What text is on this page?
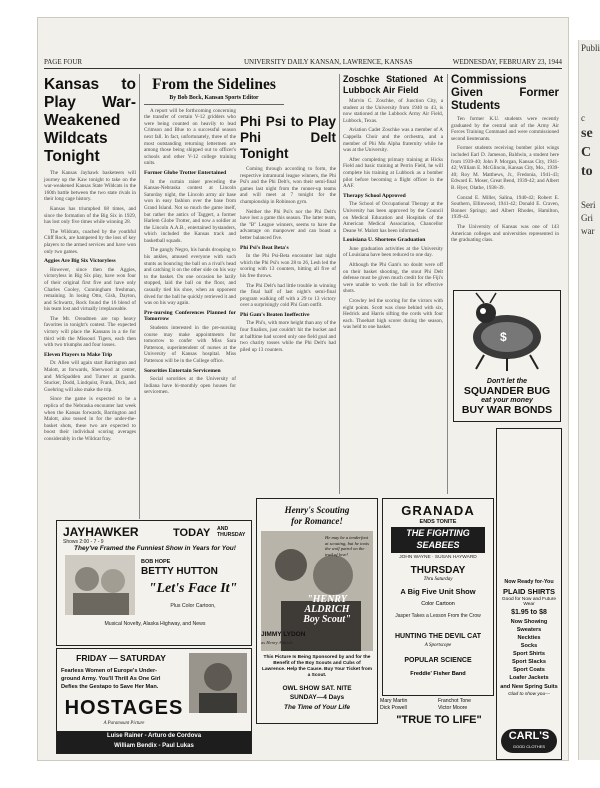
PAGE FOUR	UNIVERSITY DAILY KANSAN, LAWRENCE, KANSAS	WEDNESDAY, FEBRUARY 23, 1944
Kansas to Play War-Weakened Wildcats Tonight

The Kansas Jayhawk basketeers will journey up the Kaw tonight to take on the war-weakened Kansas State Wildcats in the 160th battle between the two state rivals in their long cage history.

Kansas has triumphed 68 times, and since the formation of the Big Six in 1929, has lost only five times while winning 28.

The Wildcats, coached by the youthful Cliff Rock, are hampered by the loss of key players to the armed services and have won only two games.

Aggies Are Big Six Victoryless

However, since then the Aggies, victoryless in Big Six play, have won four of their original first five and have only Charles Cooley, Cunningham freshman, remaining. In losing Otto, Gish, Dayton, and Schwartz, Rock found the 16 blend of his team lost and virtually irreplaceable.

The Mt. Oreadmen are top heavy favorites in tonight's contest. The expected victory will place the Kansans in a tie for third with the Missouri Tigers, each then with two triumphs and four losses.

Eleven Players to Make Trip

Dr. Allen will again start Barrington and Malott, at forwards, Sherwood at center, and McSpadden and Turner at guards. Stucker, Dodd, Lindquist, Frank, Dick, and Goehring will also make the trip.

Since the game is expected to be a replica of the Nebraska encounter last week when the Kansas forwards, Barrington and Malott, also tossed in for the under-the-basket shots, these two are expected to boost their individual scoring averages considerably in the Wildcat fray.

From the Sidelines
By Bob Bock, Kansan Sports Editor

A report will be forthcoming concerning the transfer of certain V-12 gridders who were being counted on heavily to lead Crimson and Blue to a successful season next fall. In fact, unfortunately, three of the most outstanding returning lettermen are among those being shipped out to officer's schools and other V-12 college training units.

Former Globe Trotter Entertained

In the curtain raiser preceding the Kansas-Nebraska contest at Lincoln Saturday night, the Lincoln army air base won in easy fashion over the base from Grand Island. Not so much the game itself, but rather the antics of Taggert, a former Harlem Globe Trotter, and now a soldier at the Lincoln A.A.B., entertained bystanders, which included the Kansas track and basketball squads.

The gangly Negro, his hands drooping to his ankles, amused everyone with such stunts as bouncing the ball on a rival's head and catching it on the other side on his way to the basket. On one occasion he lazily stopped, laid the ball on the floor, and casually tied his shoe, when an opponent dived for the ball he quickly retrieved it and was on his way again.

Pre-nursing Conferences Planned for Tomorrow

Students interested in the pre-nursing course may make appointments for tomorrow to confer with Miss Sara Patterson, superintendent of nurses at the University of Kansas hospital. Miss Patterson will be in the College office.

Sororities Entertain Servicemen

Social sororities at the University of Indiana have bi-monthly open houses for servicemen.

Phi Psi to Play Phi Delt Tonight

Coming through according to form, the respective intramural league winners, the Phi Psi's and the Phi Delt's, won their semi-final games last night from the runner-up teams and will meet at 7 tonight for the championship in Robinson gym.

Neither the Phi Psi's nor the Phi Delt's have lost a game this season. The latter team, the "B" League winners, seems to have the advantage on manpower and can boast a better balanced five.

Phi Psi's Beat Beta's

In the Phi Psi-Beta encounter last night which the Phi Psi's won 28 to 26, Lesh led the scoring with 13 counters, hitting all five of his free throws.

The Phi Delt's had little trouble in winning the final half of last night's semi-final program walking off with a 29 to 13 victory over a surprisingly cold Phi Gam outfit.

Phi Gam's Beaten Ineffective

The Phi's, with more height than any of the four finalists, just couldn't hit the bucket and at halftime had scored only one field goal and two charity tosses while the Phi Delt's had piled up 13 counters.

Zoschke Stationed At Lubbock Air Field

Marvin C. Zoschke, of Junction City, a student at the University from 1940 to 43, is now stationed at the Lubbock Army Air Field, Lubbock, Texas.

Aviation Cadet Zoschke was a member of A Cappella Choir and the orchestra, and a member of Phi Mu Alpha fraternity while he was at the University.

After completing primary training at Hicks Field and basic training at Perrin Field, he will complete his training at Lubbock as a bomber pilot before becoming a flight officer in the AAF.

Therapy School Approved

The School of Occupational Therapy at the University has been approved by the Council on Medical Education and Hospitals of the American Medical Association, Chancellor Deane W. Malott has been informed.

Louisiana U. Shortens Graduation

June graduation activities at the University of Louisiana have been reduced to one day.

Although the Phi Gam's no doubt were off on their basket shooting, the stout Phi Delt defense must be given much credit for the Fiji's were unable to work the ball in for effective shots.

Crowley led the scoring for the victors with eight points. Scott was close behind with six, Hedrick and Harris sifting the cords with four each. Thoebart high scorer during the season, was held to one basket.

Commissions Given Former Students

Ten former K.U. students were recently graduated by the central unit of the Army Air Forces Training Command and were commissioned second lieutenants.

Former students receiving bomber pilot wings included Earl D. Jameson, Baldwin, a student here from 1939-40; John P. Morgan, Kansas City, 1941-42; William E. McGlincin, Kansas City, Mo., 1939-40; Roy M. Matthews, Jr., Fredonia, 1941-43; Edward E. Moser, Great Bend, 1939-42; and Albert B. Hyer, Olathe, 1938-39.

Conrad E. Miller, Salina, 1940-42; Robert E. Southern, Ellinwood, 1941-42; Donald E. Craven, Bonner Springs; and Albert Rhodes, Hamilton, 1939-42.

The University of Kansas was one of 143 American colleges and universities represented in the graduating class.

$
Don't let the
SQUANDER BUG
eat your money
BUY WAR BONDS
JAYHAWKER
Shows 2:00 - 7 - 9
TODAY AND THURSDAY
They've Framed the Funniest Show in Years for You!
BOB HOPE
BETTY HUTTON
"Let's Face It"
Plus Color Cartoon,
Musical Novelty, Alaska Highway, and News
FRIDAY — SATURDAY
Fearless Women of Europe's Under-
ground Army. You'll Thrill As One Girl
Defies the Gestapo to Save Her Man.
HOSTAGES
A Paramount Picture
Luise Rainer - Arturo de Cordova
William Bendix - Paul Lukas
Henry's Scouting
for Romance!
He may be a tenderfoot at scouting, but he toots the wolf patrol on the trail of love!
"HENRY
ALDRICH
Boy Scout"
JIMMY LYDON
as Henry Aldrich
This Picture Is Being Sponsored by and for the Benefit of the Boy Scouts and Cubs of Lawrence. Help the Cause. Buy Your Ticket from a Scout.
OWL SHOW SAT. NITE
SUNDAY—4 Days
The Time of Your Life
Mary Martin	Franchot Tone
Dick Powell	Victor Moore
"TRUE TO LIFE"
GRANADA
ENDS TONITE
THE FIGHTING SEABEES
JOHN WAYNE · SUSAN HAYWARD
THURSDAY
Thru Saturday
A Big Five Unit Show
Color Cartoon
Jasper Takes a Lesson From the Crow
HUNTING THE DEVIL CAT
A Sportscope
POPULAR SCIENCE
Freddie' Fisher Band
Now Ready for-You
PLAID SHIRTS
Good for Now and Future Wear
$1.95 to $8
Now Showing
Sweaters
Neckties
Socks
Sport Shirts
Sport Slacks
Sport Coats
Loafer Jackets
and New Spring Suits
Glad to show you—
CARL'S
GOOD CLOTHES
Publi
c
se
C
to
Seri
Gri
war
